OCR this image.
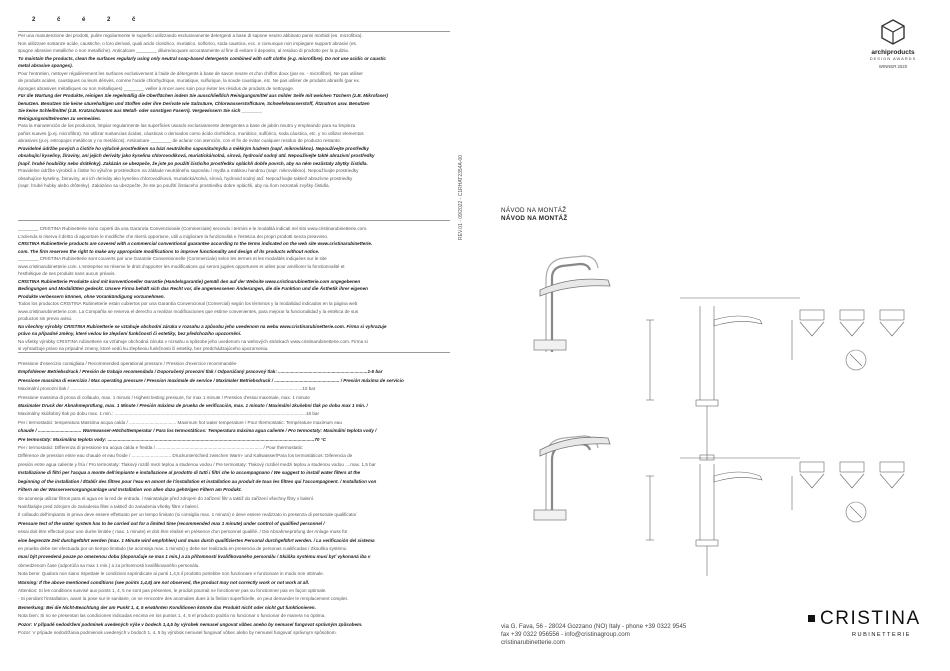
2 č é 2 č
Per una manutenzione dei prodotti, pulire regolarmente le superfici utilizzando esclusivamente detergenti a base di sapone neutro abbinato panni morbidi (es. microfibra).
Non utilizzare sostanze acide, caustiche, o loro derivati, quali acido cloridrico, muriatico, solforico, soda caustica, ecc. e comunque non impiegare supporti abrasivi (es.
spugne abrasive metalliche o non metalliche). Anticalcare ________ diluire/acquare accuratamente al fine di evitare il deposito, al residuo di prodotto per la pulizia.
To maintain the products, clean the surfaces regularly using only neutral soap-based detergents combined with soft cloths (e.g. microfibre). Do not use acidic or caustic
metal abrasive sponges).
Pour l'entretien, nettoyer régulièrement les surfaces exclusivement à l'aide de détergents à base de savon neutre et d'un chiffon doux (par ex. - microfibre). Ne pas utiliser
de produits acides, caustiques ou leurs dérivés, comme l'acide chlorhydrique, muriatique, sulfurique, la soude caustique, etc. Ne pas utiliser de produits abrasifs (par ex.
éponges abrasives métalliques ou non métalliques) ________ veiller à rincer avec soin pour éviter les résidus de produits de nettoyage.
Für die Wartung der Produkte, reinigen Sie regelmäßig die Oberflächen indem Sie ausschließlich Reinigungsmittel aus milder Seife mit weichen Tüchern (z.B. Mikrofaser)
benutzen. Benutzen Sie keine säurehaltigen und Stoffen oder ihre Derivate wie Salzsäure, Chlorwasserstoffsäure, Schwefelwasserstoff, Ätznatron usw. Benutzen
Sie keine Schleifmittel (z.B. Kratzschwamm aus Metall- oder sonstigen Fasern). Vergewissern Sie sich ________
Reinigungsmittelresten zu vermeiden.
Para la manutención de los productos, limpiar regularmente las superficies usando exclusivamente detergentes a base de jabón neutro y empleando para su limpieza
paños suaves (p.ej. microfibra). No utilizar sustancias ácidas, cáusticas o derivados como ácido clorhídrico, muriático, sulfúrico, soda cáustica, etc. y no utilizar elementos
abrasivos (p.ej. estropajos metálicos y no metálicos). Anticalcare ________ de aclarar con atención, con el fin de evitar cualquier residuo de producto restante.
Pravidelné údržbe pových a čistiťe ho výlučně prostředkem na bází neutrálního saponátu/mýdla a měkkým hadrem (např. mikrovlákno). Nepoužívejte prostředky
obsahující kyseliny, žíraviny, ani jejich deriváty jako kyselina chlorovodíková, muriatická/solná, sírová, hydroxid sodný atd. Nepoužívejte takté abrazivní prostředky
(např. hrubé houbičky nebo drátěnky). Zakázán se ubezpeče, že jste po použití čisticího prostředku opláchli dobře povrch, aby na něm nezůstaly zbytky čistidla.
Pravidelne údržbe výrobků a čistite ho výlučne prostriedkom na základe neutrálneho saponátu / mydla a mäkkou handrou (napr. mikrovlákno). Nepoužívajte prostriedky
obsahujúce kyseliny, žieraviny, ani ich deriváty ako kyselina chlorovodíková, muriatická/solná, sírová, hydroxid sodný atď. Nepoužívajte taktiež abrazívne prostriedky
(napr. hrubé hubky alebo drôtenky). Zakázáno sa ubezpečte, že ste po použití čistiaceho prostriedku dobre opláchli, aby na ňom nezostali zvyšky čistidla.
________ CRISTINA Rubinetterie sono coperti da una Garanzia Convenzionale (Commerciale) secondo i termini e le modalità indicati nel sito www.cristinarubinetterie.com.
L'azienda si riserva il diritto di apportare le modifiche che riterrà opportune, utili a migliorare la funzionalità e l'estetica dei propri prodotti senza preavviso.
CRISTINA Rubinetterie products are covered with a commercial conventional guarantee according to the terms indicated on the web site www.cristinarubinetterie.
com. The firm reserves the right to make any appropriate modifications to improve functionality and design of its products without notice.
________ CRISTINA Rubinetterie sont couverts par une Garantie Conventionnelle (Commerciale) selon les termes et les modalités indiquées sur le site
www.cristinarubinetterie.com. L'entreprise se réserve le droit d'apporter les modifications qui seront jugées opportunes et utiles pour améliorer la fonctionnalité et
l'esthétique de ses produits sans aucun préavis.
CRISTINA Rubinetterie Produkte sind mit konventioneller Garantie (Handelsgarantie) gemäß den auf der Website www.cristinarubinetterie.com angegebenen
Bedingungen und Modalitäten gedeckt. Unsere Firma behält sich das Recht vor, die angemessenen Änderungen, die die Funktion und die Ästhetik ihrer eigenen
Produkte verbessern können, ohne Vorankündigung vorzunehmen.
Todos los productos CRISTINA Rubinetterie están cubiertos por una Garantía Convencional (Comercial) según los términos y la modalidad indicados en la página web
www.cristinarubinetterie.com. La Compañía se reserva el derecho a realizar modificaciones que estime convenientes, para mejorar la funcionalidad y la estética de sus
productos sin previo aviso.
Na všechny výrobky CRISTINA Rubinetterie se vztahuje obchodní záruka v rozsahu a způsobu jeho uvedenom na webu www.cristinarubinetterie.com. Firma si vyhrazuje
právo na případné změny, které vedou ke zlepšení funkčnosti či estetiky, bez předchozího upozornění.
Na všetky výrobky CRISTINA rubinetterie sa vzťahuje obchodná záruka v rozsahu a spôsobe jeho uvedenom na webových stránkach www.cristinarubinetterie.com. Firma si
si vyhradzuje právo na prípadné zmeny, ktoré vedú ku zlepšeniu funkčnosti či estetiky, bez predchádzajúceho upozornenia.
Pressione d'esercizio consigliata / Recommended operational pressure / Pression d'exercice recommandée
Empfohlener Betriebsdruck / Presión de trabajo recomendada / Doporučený provozní tlak / Odporúčaný pracovný tlak: ......................................................................1-5 bar
Pressione massima di esercizio / Max operating pressure / Pression maximale de service / Maximaler Betriebsdruck / ................................................... / Presión máxima de servicio
Maximální provozní tlak / ......................................................................................................................................................................................10 bar
Pressione massima di prova di collaudo, max. 1 minuto / Highest testing pressure, for max 1 minute / Pression d'essai maximale, max. 1 minute
Maximaler Druck der Abnahmeprüfung, max. 1 Minute / Presión máxima de prueba de verificación, max. 1 minuto / Maximální zkušební tlak po dobu max 1 min. /
Maximálny skúšobný tlak po dobu max. 1 min.: ......................................................................................................................................................16 bar
Per i termostatici: temperatura Massima acqua calda / ..................................... Maximum hot water temperature / Pour thermostatic: Température maximum eau
chaude / .................................. Warmwasser-Höchsttemperatur / Para los termostáticos: Temperatura máxima agua caliente / Pro termostaty: Maximální teplota vody /
Pre termostaty: Maximálna teplota vody: ..................................................................................................................................................................70 °C
Per i termostatici: Differenza di pressione tra acqua calda e fredda / ................................................................................... / Pour thermostatic:
Différence de pression entre eau chaude et eau froide / ............................... Druckunterschied zwischen Warm- und Kaltwasser/Para los termostáticos: Diferencia de
presión entre agua caliente y fría / Pro termostaty: Tlakový rozdíl mezi teplou a studenou vodou / Pre termostaty: Tlakový rozdiel medzi teplou a studenou vodou ....max. 1,5 bar
Installazione di filtri per l'acqua a monte dell'impianto e installazione al prodotto di tutti i filtri che lo accompagnano / We suggest to install water filters at the
beginning of the installation / Établir des filtres pour l'eau en amont de l'installation et installation au produit de tous les filtres qui l'accompagnent. / Installation von
Filtern an der Wasserversorgungsanlage und Installation von allen dazu gehörigen Filtern am Produkt.
Se aconseja utilizar filtros para el agua en la red de entrada. / Nainstalujte před zdrojem do zařízení filtr a taktiž do zařízení všechny filtry v balení.
Nainštalujte pred zdrojom do zariadenia filter a taktiež do zariadenia všetky filtre v balení.
Il collaudo dell'impianto in prova deve essere effettuato per un tempo limitato (si consiglia max. 1 minuto) e deve essere realizzato in presenza di personale qualificato/
Pressure test of the water system has to be carried out for a limited time (recommended max 1 minute) under control of qualified personnel /
essai doit être effectué pour une durée limitée ( max. 1 minute) et doit être réalisé en présence d'un personnel qualifié. / Die Abnahmeprüfung der Anlage muss für
eine begrenzte Zeit durchgeführt werden (max. 1 Minute wird empfohlen) und muss durch qualifiziertes Personal durchgeführt werden. / La verificación del sistema
en prueba debe ser efectuada por un tiempo limitado (se aconseja max. 1 minuto) y debe ser realizada en presencia de personas cualificadas / Zkouška systému
musí být provedená pouze po omezenou dobu (doporučuje se max 1 min.) a za přítomnosti kvalifikovaného personálu / Skúška systému musí byť vykonaná iba v
obmedzenom čase (odporúča sa max 1 min.) a za prítomnosti kvalifikovaného personálu.
Nota bene: Qualora non siano rispettate le condizioni soprindicate ai punti 1,4,5 il prodotto potrebbe non funzionare e funzionare in modo non ottimale.
Warning: If the above mentioned conditions (see points 1,4,5) are not observed, the product may not correctly work or not work at all.
Attention: Si les conditions susvisé aux points 1, 4, 5 ne sont pas présentes, le produit pourrait ne fonctionner pas ou fonctionner pas en façon optimale.
- Si pendant l'installation, avant la pose sur le sanitaire, on ne rencontre des anomalies dues à la finition superficielle, on peut demander le remplacement complet.
Bemerkung: Bei die Nicht-Beachtung der am Punkt 1, 4, 5 erwähnten Konditionen könnte das Produkt nicht oder nicht gut funktionieren.
Nota bien: Si no se presentan las condiciones indicadas encima en los puntos 1, 4, 5 el producto podría no funcionar o funcionar de manera no óptima.
Pozor: V případě nedodržení podmínek uvedených výše v bodech 1,4,5 by výrobek nemusel ungovat vůbec anebo by nemusel fungovat správným způsobem.
Pozor: V prípade nedodržania podmienok uvedených v bodoch 1, 4, 5 by výrobok nemusel fungovať vôbec alebo by nemusel fungovať správnym spôsobom.
REV.01 - 09/2022 - C1RHAT2354A-00
archiproducts
DESIGN AWARDS
WINNER 2020
NÁVOD NA MONTÁŽ
NÁVOD NA MONTÁŽ
via G. Fava, 56 - 28024 Gozzano (NO) Italy - phone +39 0322 9545
fax +39 0322 956556 - info@cristinagroup.com
cristinarubinetterie.com
CRISTINA
RUBINETTERIE
